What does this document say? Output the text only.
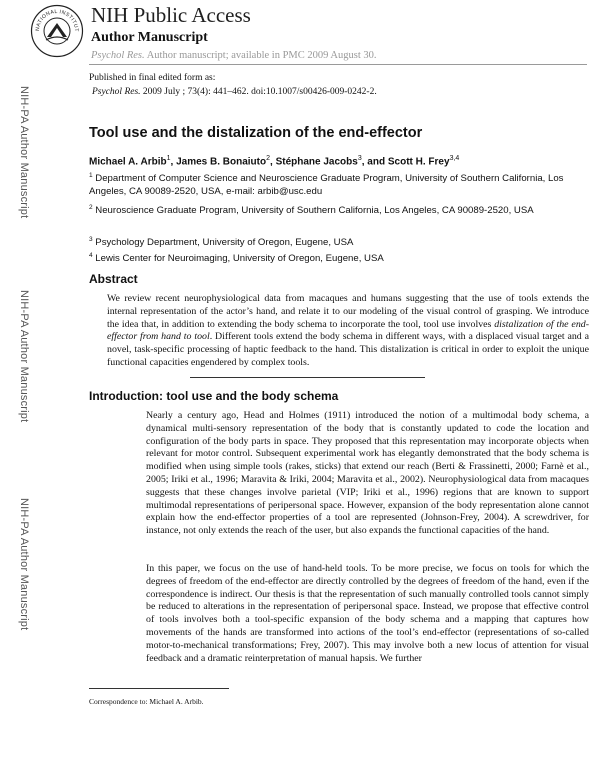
NATIONAL INSTITUT
NIH Public Access
Author Manuscript
Psychol Res. Author manuscript; available in PMC 2009 August 30.
Published in final edited form as:
Psychol Res. 2009 July ; 73(4): 441–462. doi:10.1007/s00426-009-0242-2.
NIH-PA Author Manuscript
NIH-PA Author Manuscript
NIH-PA Author Manuscript
Tool use and the distalization of the end-effector
Michael A. Arbib$^1$, James B. Bonaiuto$^2$, Stéphane Jacobs$^3$, and Scott H. Frey$^{3,4}$
$^1$ Department of Computer Science and Neuroscience Graduate Program, University of Southern California, Los Angeles, CA 90089-2520, USA, e-mail: arbib@usc.edu
$^2$ Neuroscience Graduate Program, University of Southern California, Los Angeles, CA 90089-2520, USA
$^3$ Psychology Department, University of Oregon, Eugene, USA
$^4$ Lewis Center for Neuroimaging, University of Oregon, Eugene, USA
Abstract

We review recent neurophysiological data from macaques and humans suggesting that the use of tools extends the internal representation of the actor’s hand, and relate it to our modeling of the visual control of grasping. We introduce the idea that, in addition to extending the body schema to incorporate the tool, tool use involves distalization of the end-effector from hand to tool. Different tools extend the body schema in different ways, with a displaced visual target and a novel, task-specific processing of haptic feedback to the hand. This distalization is critical in order to exploit the unique functional capacities engendered by complex tools.

Introduction: tool use and the body schema

Nearly a century ago, Head and Holmes (1911) introduced the notion of a multimodal body schema, a dynamical multi-sensory representation of the body that is constantly updated to code the location and configuration of the body parts in space. They proposed that this representation may incorporate objects when relevant for motor control. Subsequent experimental work has elegantly demonstrated that the body schema is modified when using simple tools (rakes, sticks) that extend our reach (Berti & Frassinetti, 2000; Farnè et al., 2005; Iriki et al., 1996; Maravita & Iriki, 2004; Maravita et al., 2002). Neurophysiological data from macaques suggests that these changes involve parietal (VIP; Iriki et al., 1996) regions that are known to support multimodal representations of peripersonal space. However, expansion of the body representation alone cannot explain how the end-effector properties of a tool are represented (Johnson-Frey, 2004). A screwdriver, for instance, not only extends the reach of the user, but also expands the functional capacities of the hand.

In this paper, we focus on the use of hand-held tools. To be more precise, we focus on tools for which the degrees of freedom of the end-effector are directly controlled by the degrees of freedom of the hand, even if the correspondence is indirect. Our thesis is that the representation of such manually controlled tools cannot simply be reduced to alterations in the representation of peripersonal space. Instead, we propose that effective control of tools involves both a tool-specific expansion of the body schema and a mapping that captures how movements of the hands are transformed into actions of the tool’s end-effector (representations of so-called motor-to-mechanical transformations; Frey, 2007). This may involve both a new locus of attention for visual feedback and a dramatic reinterpretation of manual hapsis. We further

Correspondence to: Michael A. Arbib.
